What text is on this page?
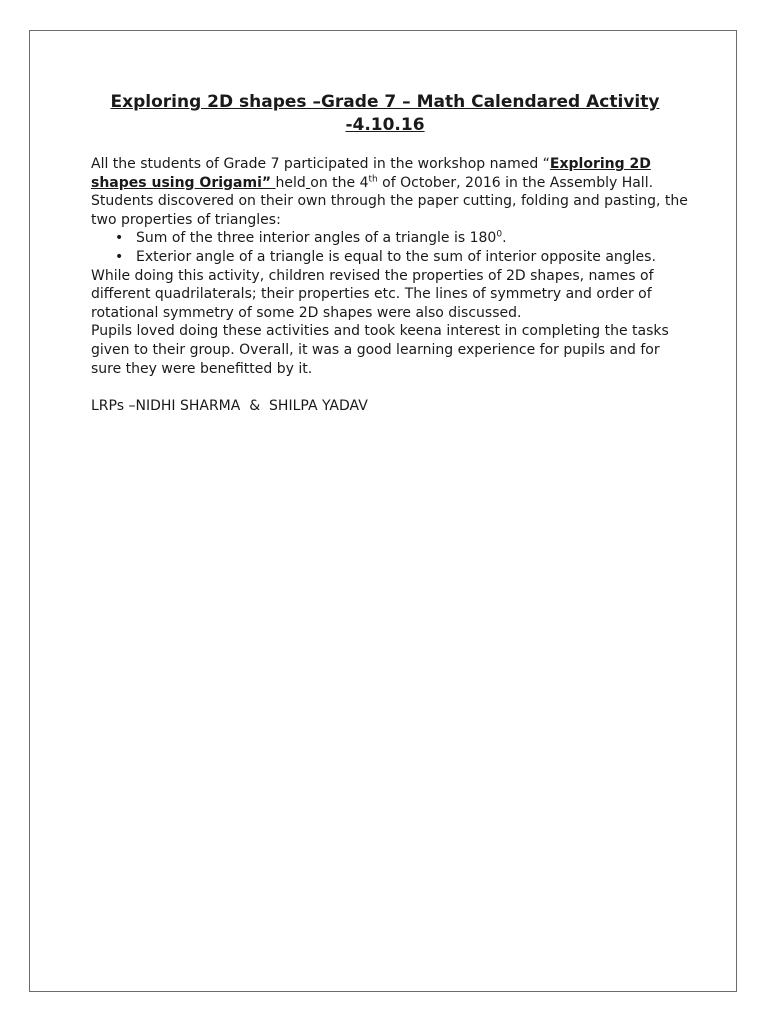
Exploring 2D shapes –Grade 7 – Math Calendared Activity -4.10.16

All the students of Grade 7 participated in the workshop named “Exploring 2D shapes using Origami” held on the 4th of October, 2016 in the Assembly Hall.

Students discovered on their own through the paper cutting, folding and pasting, the two properties of triangles:

• Sum of the three interior angles of a triangle is $180^0$.
• Exterior angle of a triangle is equal to the sum of interior opposite angles.

While doing this activity, children revised the properties of 2D shapes, names of different quadrilaterals; their properties etc. The lines of symmetry and order of rotational symmetry of some 2D shapes were also discussed.

Pupils loved doing these activities and took keena interest in completing the tasks given to their group. Overall, it was a good learning experience for pupils and for sure they were benefitted by it.

LRPs –NIDHI SHARMA  &  SHILPA YADAV
